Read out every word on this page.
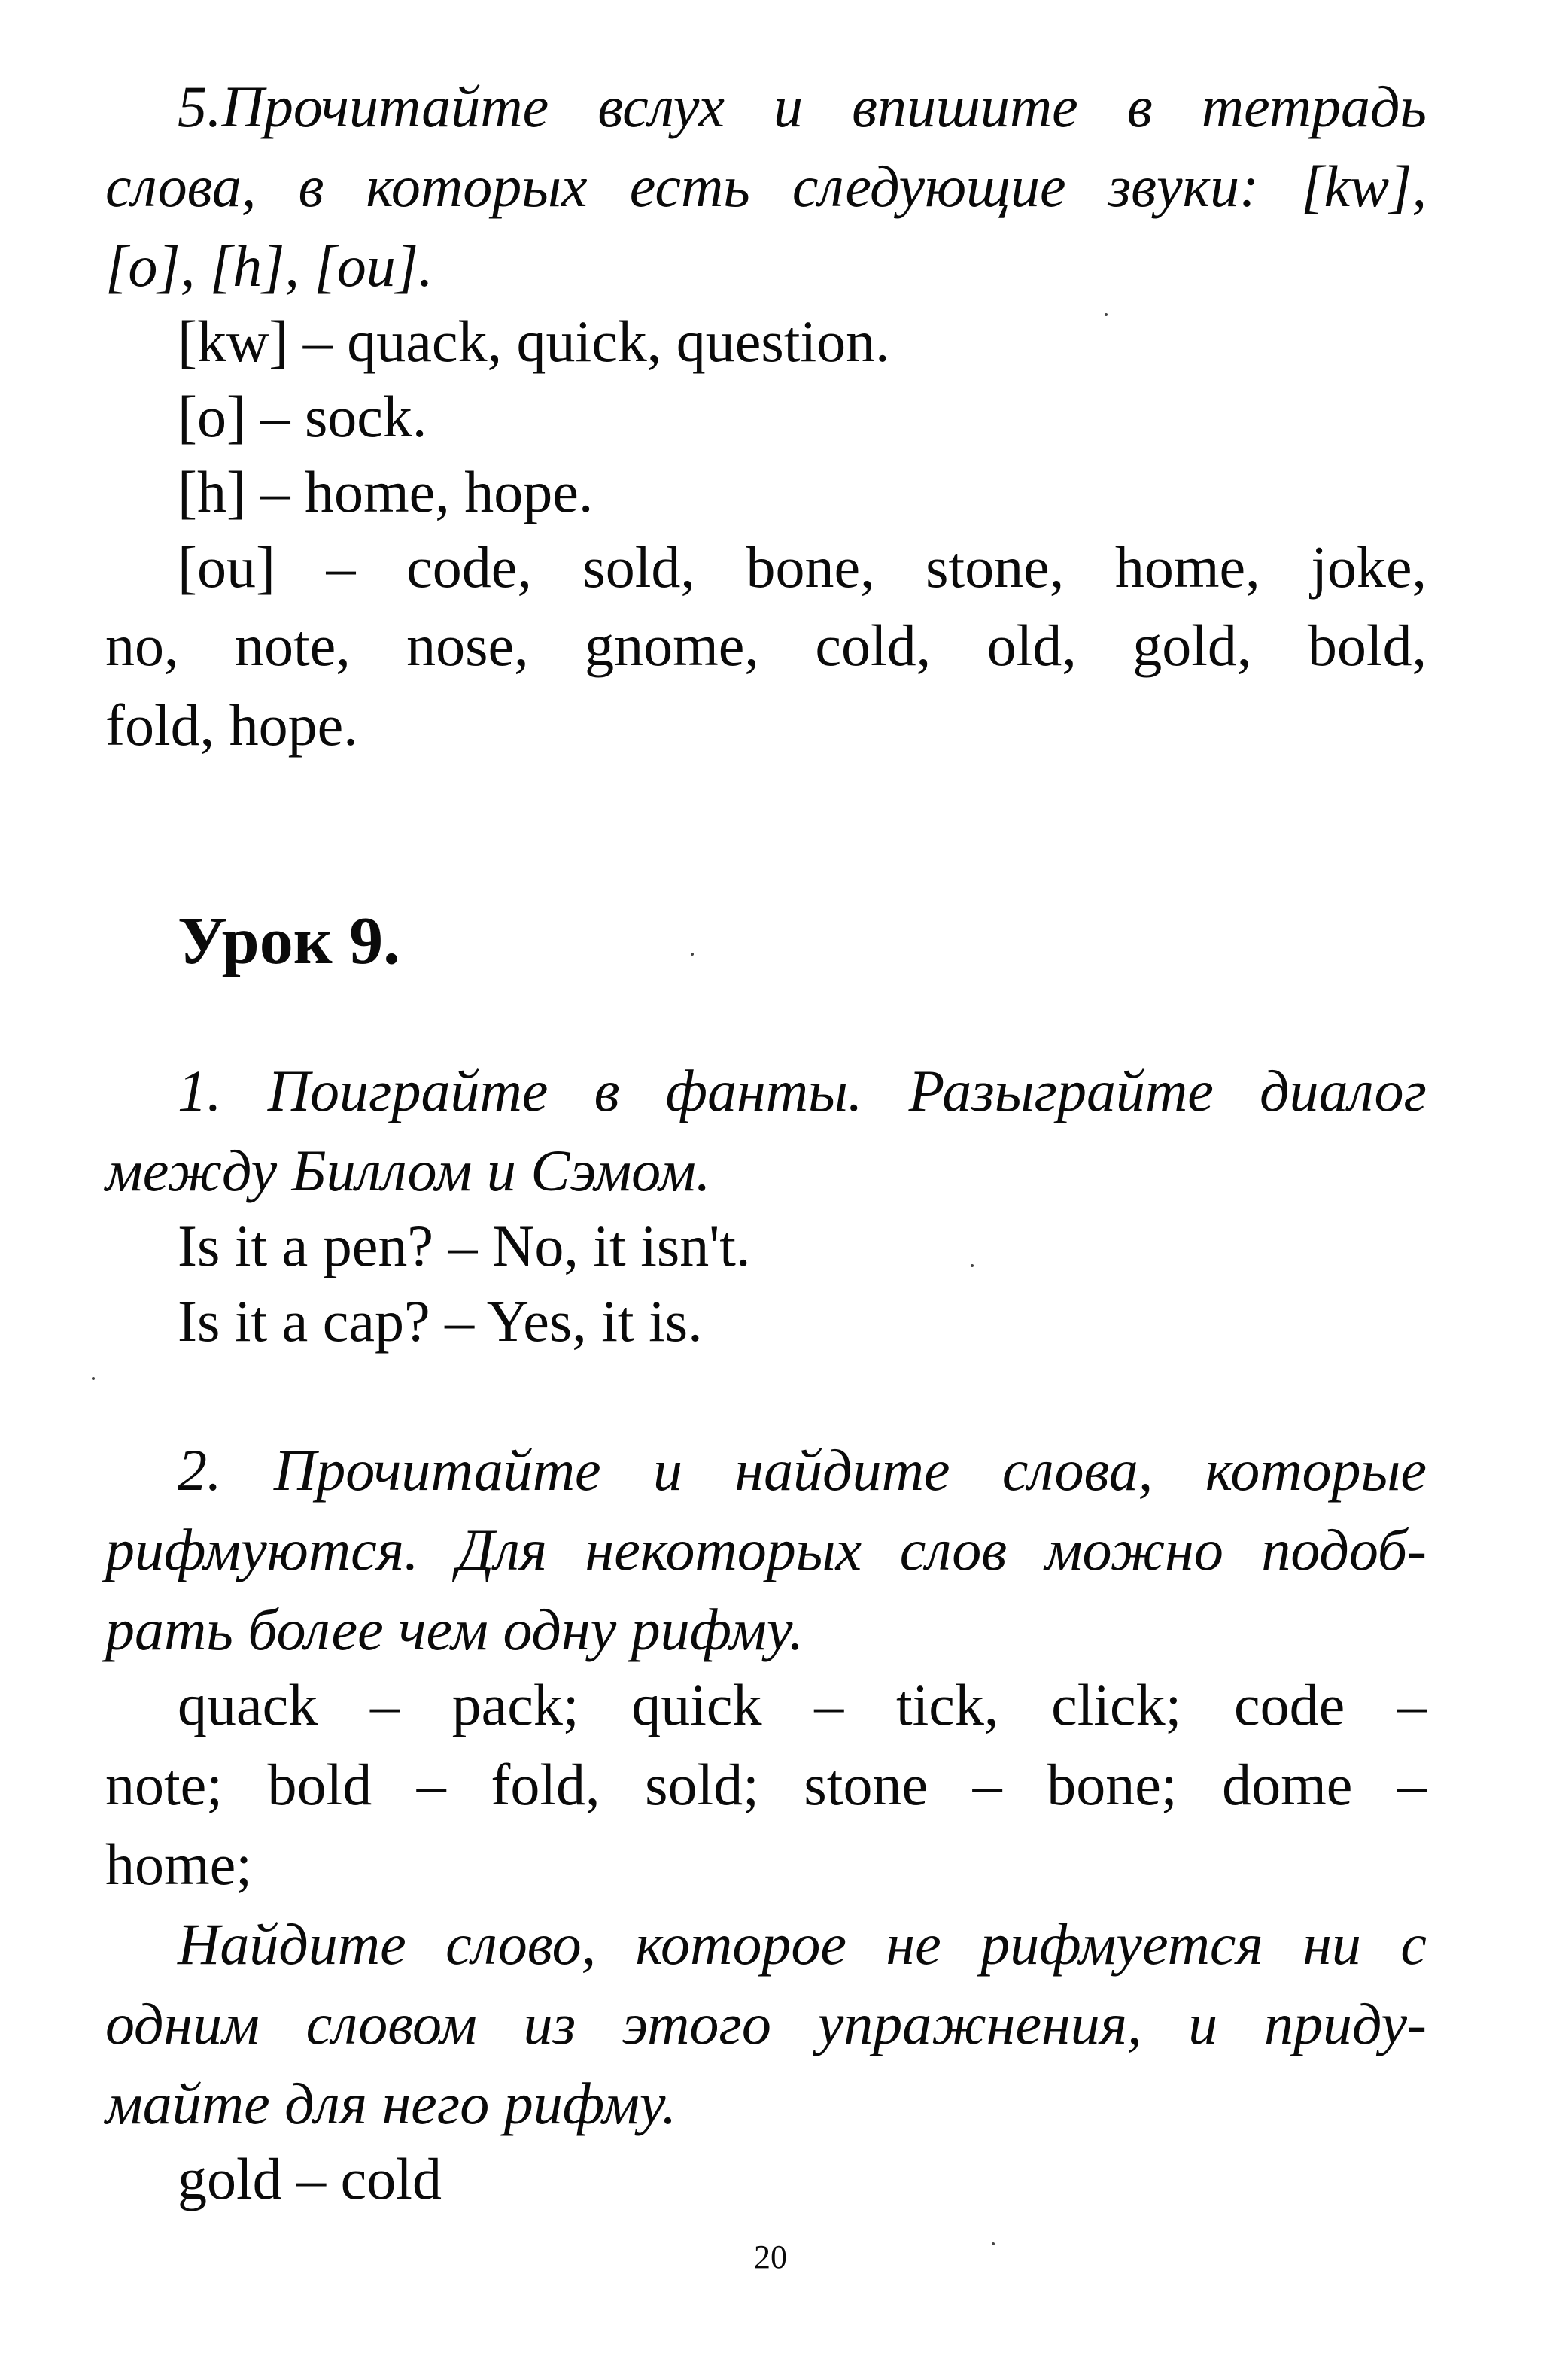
5.Прочитайте вслух и впишите в тетрадь

слова, в которых есть следующие звуки: [kw],

[o], [h], [ou].

[kw] – quack, quick, question.

[o] – sock.

[h] – home, hope.

[ou] – code, sold, bone, stone, home, joke,

no, note, nose, gnome, cold, old, gold, bold,

fold, hope.

Урок 9.

1. Поиграйте в фанты. Разыграйте диалог

между Биллом и Сэмом.

Is it a pen? – No, it isn't.

Is it a cap? – Yes, it is.

2. Прочитайте и найдите слова, которые

рифмуются. Для некоторых слов можно подоб-

рать более чем одну рифму.

quack – pack; quick – tick, click; code –

note; bold – fold, sold; stone – bone; dome –

home;

Найдите слово, которое не рифмуется ни с

одним словом из этого упражнения, и приду-

майте для него рифму.

gold – cold

20
